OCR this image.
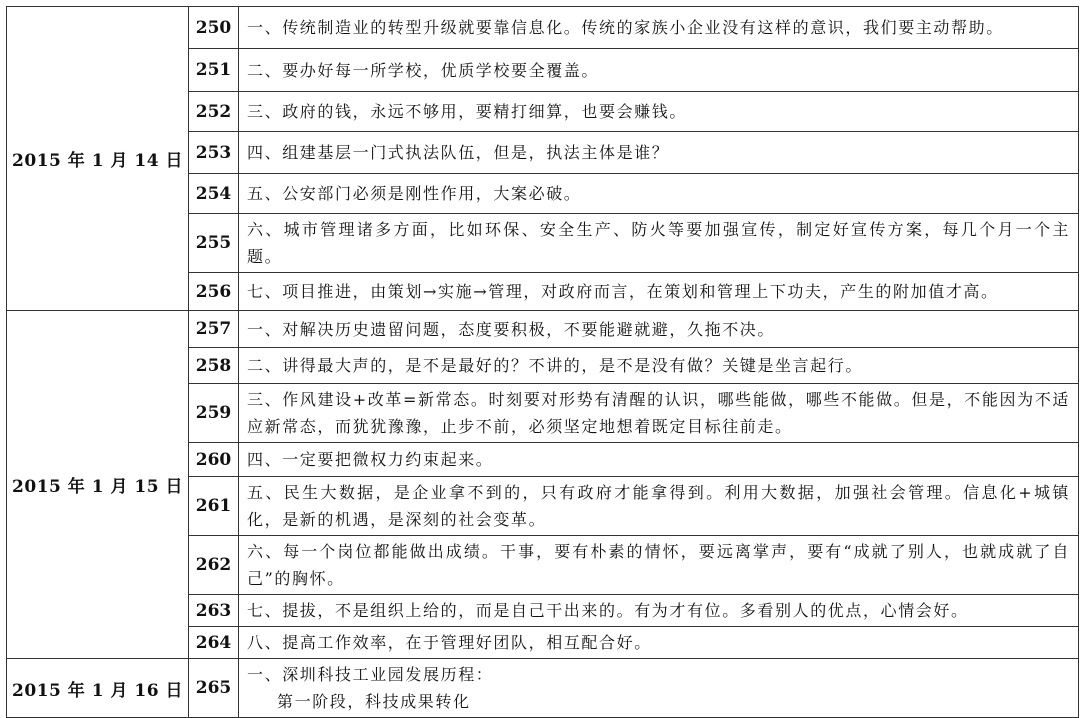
2015 年 1 月 14 日	250	一、传统制造业的转型升级就要靠信息化。传统的家族小企业没有这样的意识，我们要主动帮助。
	251	二、要办好每一所学校，优质学校要全覆盖。
	252	三、政府的钱，永远不够用，要精打细算，也要会赚钱。
	253	四、组建基层一门式执法队伍，但是，执法主体是谁？
	254	五、公安部门必须是刚性作用，大案必破。
	255	六、城市管理诸多方面，比如环保、安全生产、防火等要加强宣传，制定好宣传方案，每几个月一个主题。
	256	七、项目推进，由策划→实施→管理，对政府而言，在策划和管理上下功夫，产生的附加值才高。
2015 年 1 月 15 日	257	一、对解决历史遗留问题，态度要积极，不要能避就避，久拖不决。
	258	二、讲得最大声的，是不是最好的？不讲的，是不是没有做？关键是坐言起行。
	259	三、作风建设+改革=新常态。时刻要对形势有清醒的认识，哪些能做，哪些不能做。但是，不能因为不适应新常态，而犹犹豫豫，止步不前，必须坚定地想着既定目标往前走。
	260	四、一定要把微权力约束起来。
	261	五、民生大数据，是企业拿不到的，只有政府才能拿得到。利用大数据，加强社会管理。信息化+城镇化，是新的机遇，是深刻的社会变革。
	262	六、每一个岗位都能做出成绩。干事，要有朴素的情怀，要远离掌声，要有“成就了别人，也就成就了自己”的胸怀。
	263	七、提拔，不是组织上给的，而是自己干出来的。有为才有位。多看别人的优点，心情会好。
	264	八、提高工作效率，在于管理好团队，相互配合好。
2015 年 1 月 16 日	265	一、深圳科技工业园发展历程：
第一阶段，科技成果转化
